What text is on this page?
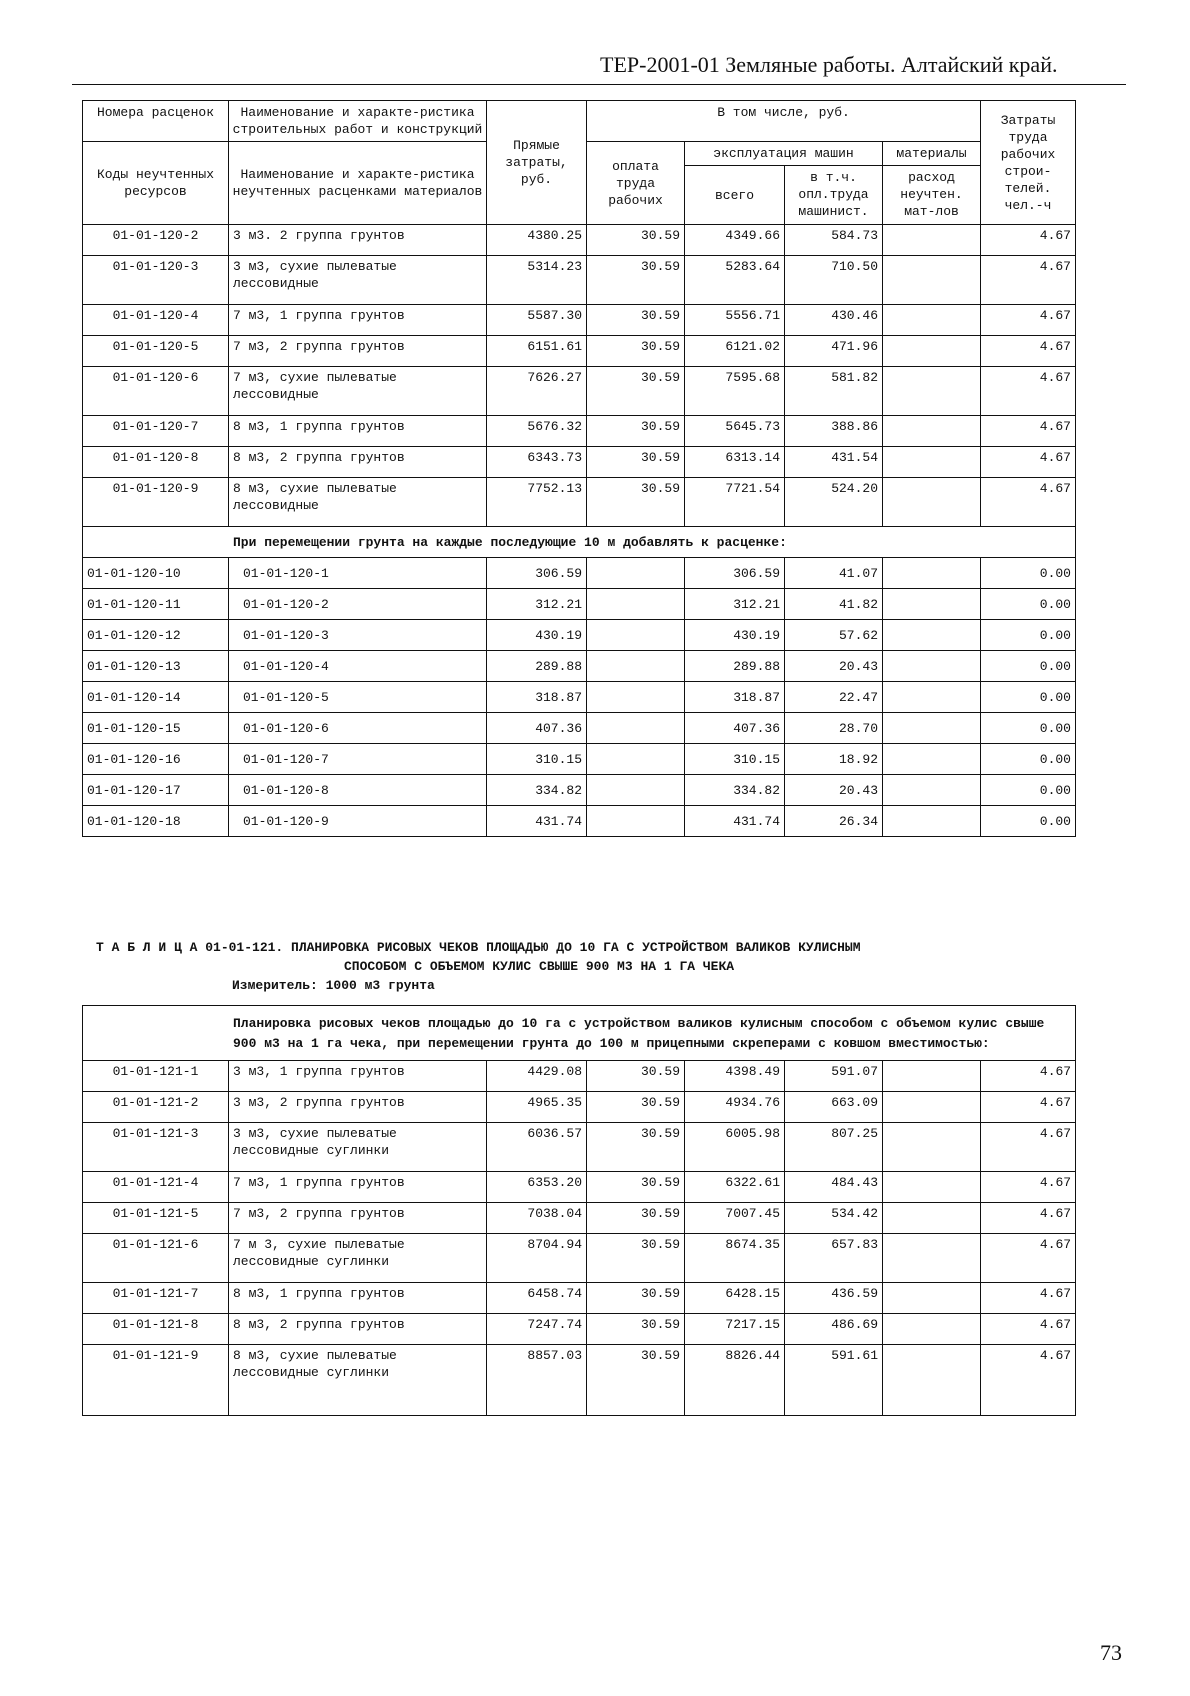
ТЕР-2001-01 Земляные работы. Алтайский край.
Номера расценок	Наименование и характе-ристика строительных работ и конструкций	Прямые затраты, руб.	В том числе, руб.				Затраты труда рабочих строи-телей. чел.-ч
Коды неучтенных ресурсов	Наименование и характе-ристика неучтенных расценками материалов		оплата труда рабочих	эксплуатация машин		материалы	
				всего	в т.ч. опл.труда машинист.	расход неучтен. мат-лов	
01-01-120-2	3 м3. 2 группа грунтов	4380.25	30.59	4349.66	584.73		4.67
01-01-120-3	3 м3, сухие пылеватые лессовидные	5314.23	30.59	5283.64	710.50		4.67
01-01-120-4	7 м3, 1 группа грунтов	5587.30	30.59	5556.71	430.46		4.67
01-01-120-5	7 м3, 2 группа грунтов	6151.61	30.59	6121.02	471.96		4.67
01-01-120-6	7 м3, сухие пылеватые лессовидные	7626.27	30.59	7595.68	581.82		4.67
01-01-120-7	8 м3, 1 группа грунтов	5676.32	30.59	5645.73	388.86		4.67
01-01-120-8	8 м3, 2 группа грунтов	6343.73	30.59	6313.14	431.54		4.67
01-01-120-9	8 м3, сухие пылеватые лессовидные	7752.13	30.59	7721.54	524.20		4.67
При перемещении грунта на каждые последующие 10 м добавлять к расценке:							
01-01-120-10	01-01-120-1	306.59		306.59	41.07		0.00
01-01-120-11	01-01-120-2	312.21		312.21	41.82		0.00
01-01-120-12	01-01-120-3	430.19		430.19	57.62		0.00
01-01-120-13	01-01-120-4	289.88		289.88	20.43		0.00
01-01-120-14	01-01-120-5	318.87		318.87	22.47		0.00
01-01-120-15	01-01-120-6	407.36		407.36	28.70		0.00
01-01-120-16	01-01-120-7	310.15		310.15	18.92		0.00
01-01-120-17	01-01-120-8	334.82		334.82	20.43		0.00
01-01-120-18	01-01-120-9	431.74		431.74	26.34		0.00
Т А Б Л И Ц А 01-01-121. ПЛАНИРОВКА РИСОВЫХ ЧЕКОВ ПЛОЩАДЬЮ ДО 10 ГА С УСТРОЙСТВОМ ВАЛИКОВ КУЛИСНЫМ
СПОСОБОМ С ОБЪЕМОМ КУЛИС СВЫШЕ 900 М3 НА 1 ГА ЧЕКА
Измеритель: 1000 м3 грунта
Планировка рисовых чеков площадью до 10 га с устройством валиков кулисным способом с объемом кулис свыше 900 м3 на 1 га чека, при перемещении грунта до 100 м прицепными скреперами с ковшом вместимостью:							
01-01-121-1	3 м3, 1 группа грунтов	4429.08	30.59	4398.49	591.07		4.67
01-01-121-2	3 м3, 2 группа грунтов	4965.35	30.59	4934.76	663.09		4.67
01-01-121-3	3 м3, сухие пылеватые лессовидные суглинки	6036.57	30.59	6005.98	807.25		4.67
01-01-121-4	7 м3, 1 группа грунтов	6353.20	30.59	6322.61	484.43		4.67
01-01-121-5	7 м3, 2 группа грунтов	7038.04	30.59	7007.45	534.42		4.67
01-01-121-6	7 м 3, сухие пылеватые лессовидные суглинки	8704.94	30.59	8674.35	657.83		4.67
01-01-121-7	8 м3, 1 группа грунтов	6458.74	30.59	6428.15	436.59		4.67
01-01-121-8	8 м3, 2 группа грунтов	7247.74	30.59	7217.15	486.69		4.67
01-01-121-9	8 м3, сухие пылеватые лессовидные суглинки	8857.03	30.59	8826.44	591.61		4.67
73
